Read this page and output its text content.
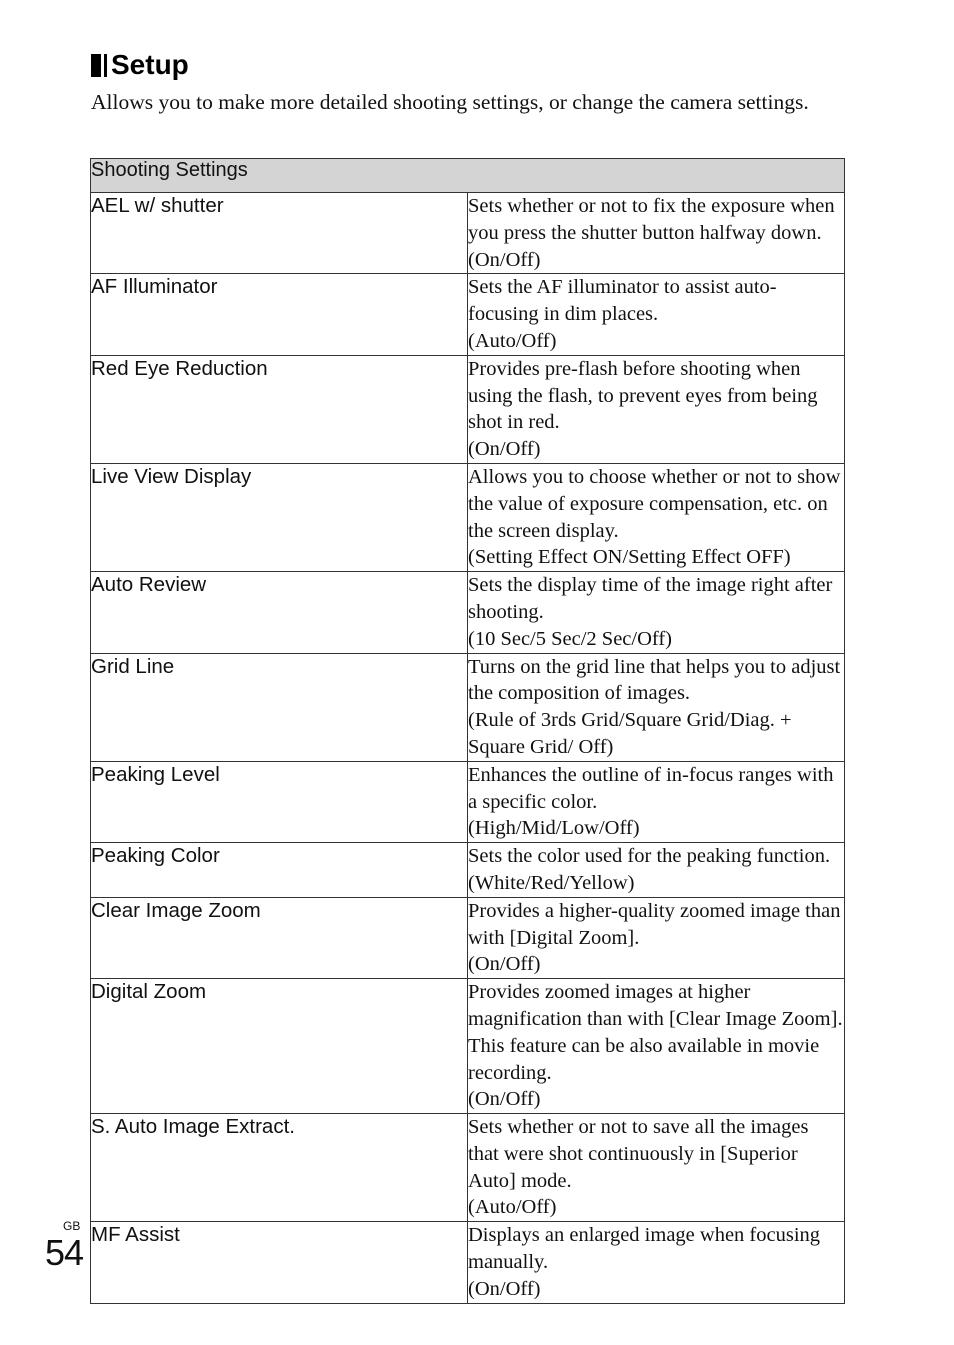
Setup
Allows you to make more detailed shooting settings, or change the camera settings.
Shooting Settings	
AEL w/ shutter	Sets whether or not to fix the exposure when you press the shutter button halfway down.
(On/Off)

AF Illuminator	Sets the AF illuminator to assist auto-focusing in dim places.
(Auto/Off)

Red Eye Reduction	Provides pre-flash before shooting when using the flash, to prevent eyes from being shot in red.
(On/Off)

Live View Display	Allows you to choose whether or not to show the value of exposure compensation, etc. on the screen display.
(Setting Effect ON/Setting Effect OFF)

Auto Review	Sets the display time of the image right after shooting.
(10 Sec/5 Sec/2 Sec/Off)

Grid Line	Turns on the grid line that helps you to adjust the composition of images.
(Rule of 3rds Grid/Square Grid/Diag. + Square Grid/ Off)

Peaking Level	Enhances the outline of in-focus ranges with a specific color.
(High/Mid/Low/Off)

Peaking Color	Sets the color used for the peaking function.
(White/Red/Yellow)

Clear Image Zoom	Provides a higher-quality zoomed image than with [Digital Zoom].
(On/Off)

Digital Zoom	Provides zoomed images at higher magnification than with [Clear Image Zoom]. This feature can be also available in movie recording.
(On/Off)

S. Auto Image Extract.	Sets whether or not to save all the images that were shot continuously in [Superior Auto] mode.
(Auto/Off)

MF Assist	Displays an enlarged image when focusing manually.
(On/Off)
GB
54
